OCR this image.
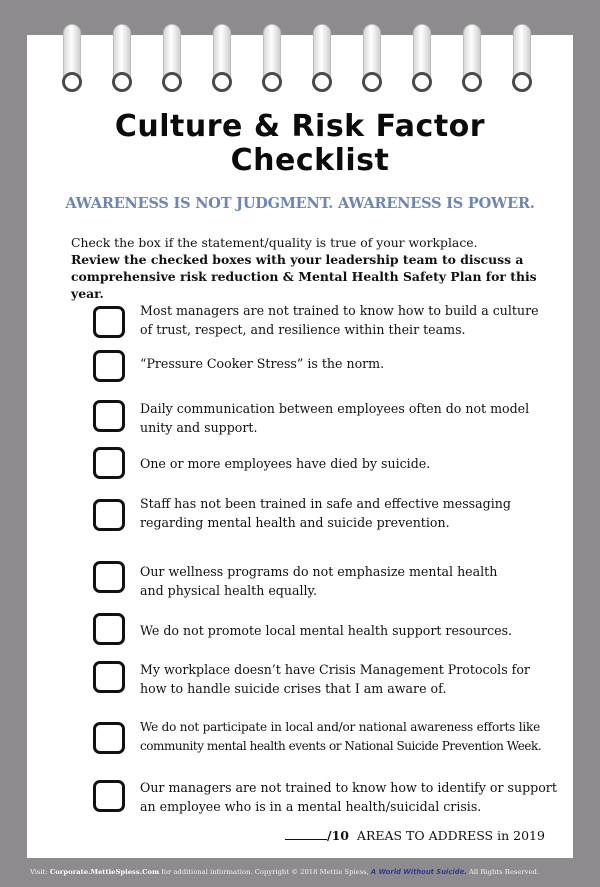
Culture & Risk Factor
Checklist
AWARENESS IS NOT JUDGMENT. AWARENESS IS POWER.
Check the box if the statement/quality is true of your workplace.
Review the checked boxes with your leadership team to discuss a
comprehensive risk reduction & Mental Health Safety Plan for this year.
Most managers are not trained to know how to build a culture
of trust, respect, and resilience within their teams.
“Pressure Cooker Stress” is the norm.
Daily communication between employees often do not model
unity and support.
One or more employees have died by suicide.
Staff has not been trained in safe and effective messaging
regarding mental health and suicide prevention.
Our wellness programs do not emphasize mental health
and physical health equally.
We do not promote local mental health support resources.
My workplace doesn’t have Crisis Management Protocols for
how to handle suicide crises that I am aware of.
We do not participate in local and/or national awareness efforts like
community mental health events or National Suicide Prevention Week.
Our managers are not trained to know how to identify or support
an employee who is in a mental health/suicidal crisis.
/10 AREAS TO ADDRESS in 2019
Visit: Corporate.MettieSpiess.Com for additional information. Copyright © 2018 Mettie Spiess, A World Without Suicide. All Rights Reserved.
